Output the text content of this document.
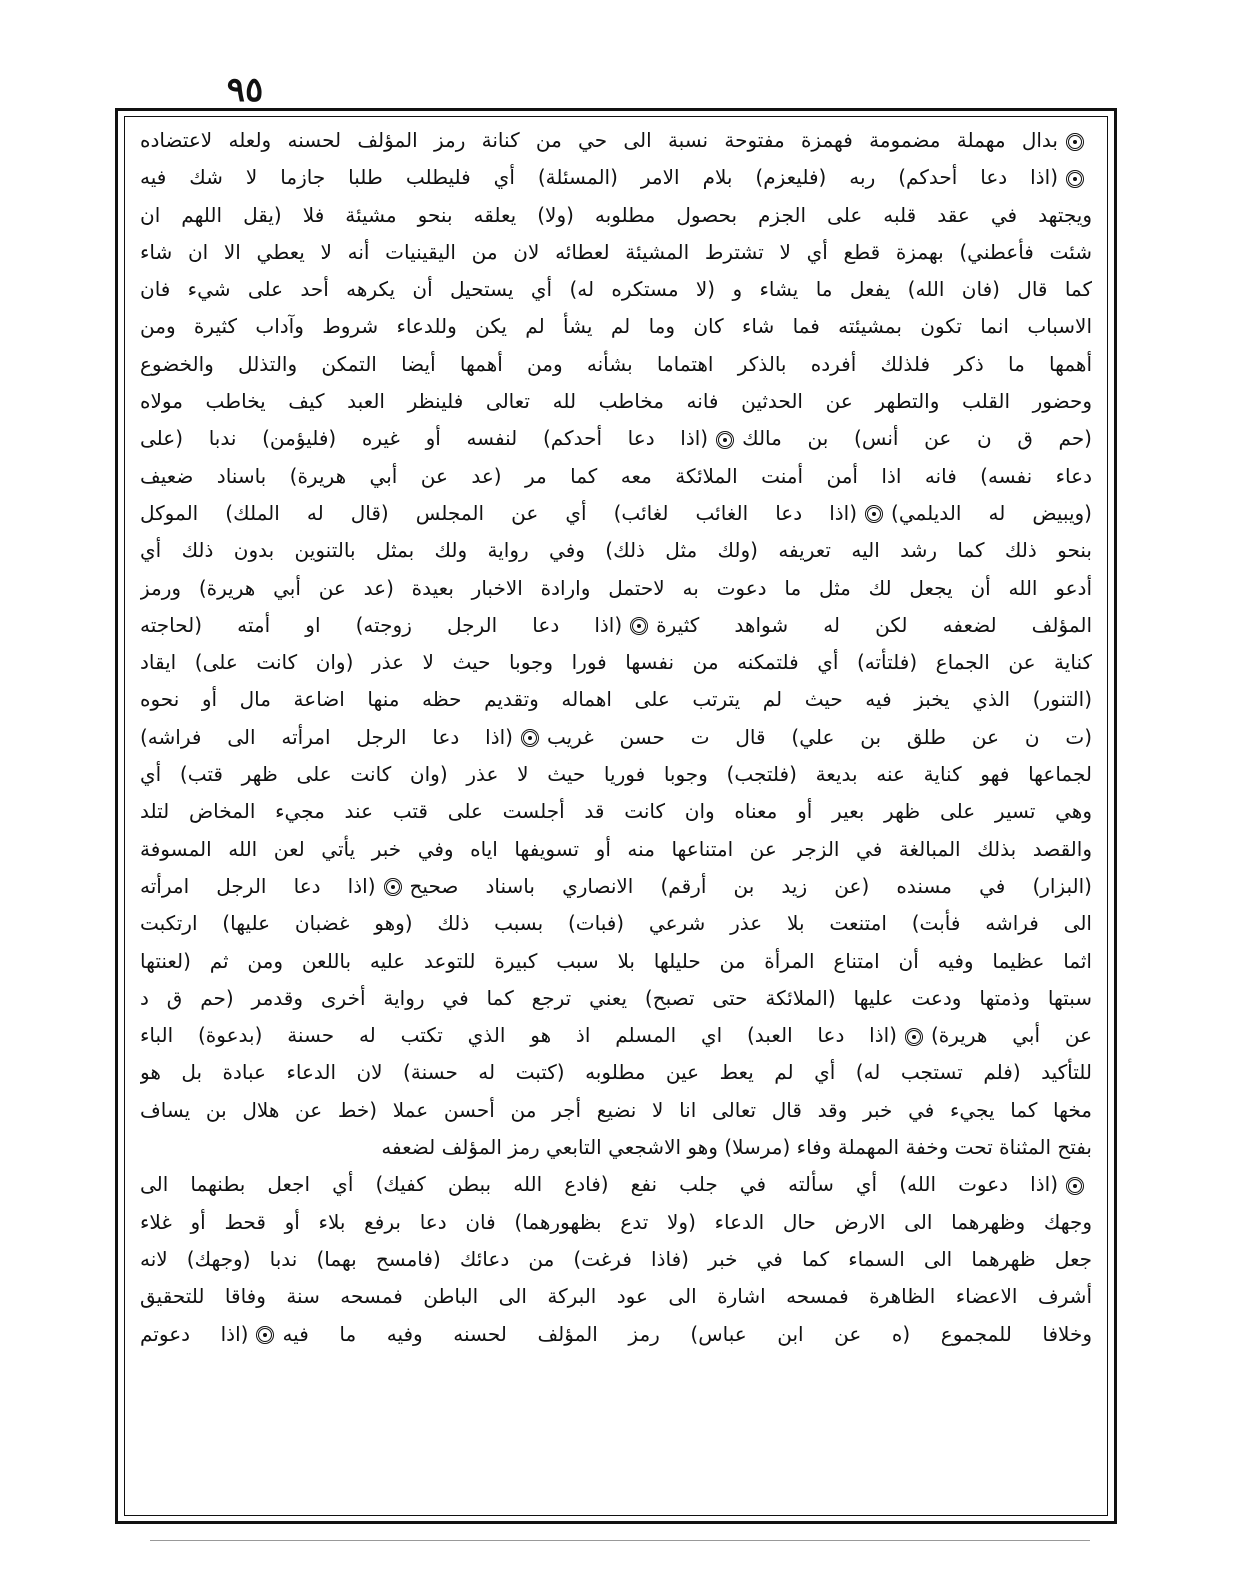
٩٥
بدال مهملة مضمومة فهمزة مفتوحة نسبة الى حي من كنانة رمز المؤلف لحسنه ولعله لاعتضاده
(اذا دعا أحدكم) ربه (فليعزم) بلام الامر (المسئلة) أي فليطلب طلبا جازما لا شك فيه
ويجتهد في عقد قلبه على الجزم بحصول مطلوبه (ولا) يعلقه بنحو مشيئة فلا (يقل اللهم ان
شئت فأعطني) بهمزة قطع أي لا تشترط المشيئة لعطائه لان من اليقينيات أنه لا يعطي الا ان شاء
كما قال (فان الله) يفعل ما يشاء و (لا مستكره له) أي يستحيل أن يكرهه أحد على شيء فان
الاسباب انما تكون بمشيئته فما شاء كان وما لم يشأ لم يكن وللدعاء شروط وآداب كثيرة ومن
أهمها ما ذكر فلذلك أفرده بالذكر اهتماما بشأنه ومن أهمها أيضا التمكن والتذلل والخضوع
وحضور القلب والتطهر عن الحدثين فانه مخاطب لله تعالى فلينظر العبد كيف يخاطب مولاه
(حم ق ن عن أنس) بن مالك(اذا دعا أحدكم) لنفسه أو غيره (فليؤمن) ندبا (على
دعاء نفسه) فانه اذا أمن أمنت الملائكة معه كما مر (عد عن أبي هريرة) باسناد ضعيف
(ويبيض له الديلمي)(اذا دعا الغائب لغائب) أي عن المجلس (قال له الملك) الموكل
بنحو ذلك كما رشد اليه تعريفه (ولك مثل ذلك) وفي رواية ولك بمثل بالتنوين بدون ذلك أي
أدعو الله أن يجعل لك مثل ما دعوت به لاحتمل وارادة الاخبار بعيدة (عد عن أبي هريرة) ورمز
المؤلف لضعفه لكن له شواهد كثيرة(اذا دعا الرجل زوجته) او أمته (لحاجته
كناية عن الجماع (فلتأته) أي فلتمكنه من نفسها فورا وجوبا حيث لا عذر (وان كانت على) ايقاد
(التنور) الذي يخبز فيه حيث لم يترتب على اهماله وتقديم حظه منها اضاعة مال أو نحوه
(ت ن عن طلق بن علي) قال ت حسن غريب(اذا دعا الرجل امرأته الى فراشه)
لجماعها فهو كناية عنه بديعة (فلتجب) وجوبا فوريا حيث لا عذر (وان كانت على ظهر قتب) أي
وهي تسير على ظهر بعير أو معناه وان كانت قد أجلست على قتب عند مجيء المخاض لتلد
والقصد بذلك المبالغة في الزجر عن امتناعها منه أو تسويفها اياه وفي خبر يأتي لعن الله المسوفة
(البزار) في مسنده (عن زيد بن أرقم) الانصاري باسناد صحيح(اذا دعا الرجل امرأته
الى فراشه فأبت) امتنعت بلا عذر شرعي (فبات) بسبب ذلك (وهو غضبان عليها) ارتكبت
اثما عظيما وفيه أن امتناع المرأة من حليلها بلا سبب كبيرة للتوعد عليه باللعن ومن ثم (لعنتها
سبتها وذمتها ودعت عليها (الملائكة حتى تصبح) يعني ترجع كما في رواية أخرى وقدمر (حم ق د
عن أبي هريرة)(اذا دعا العبد) اي المسلم اذ هو الذي تكتب له حسنة (بدعوة) الباء
للتأكيد (فلم تستجب له) أي لم يعط عين مطلوبه (كتبت له حسنة) لان الدعاء عبادة بل هو
مخها كما يجيء في خبر وقد قال تعالى انا لا نضيع أجر من أحسن عملا (خط عن هلال بن يساف
بفتح المثناة تحت وخفة المهملة وفاء (مرسلا) وهو الاشجعي التابعي رمز المؤلف لضعفه
(اذا دعوت الله) أي سألته في جلب نفع (فادع الله ببطن كفيك) أي اجعل بطنهما الى
وجهك وظهرهما الى الارض حال الدعاء (ولا تدع بظهورهما) فان دعا برفع بلاء أو قحط أو غلاء
جعل ظهرهما الى السماء كما في خبر (فاذا فرغت) من دعائك (فامسح بهما) ندبا (وجهك) لانه
أشرف الاعضاء الظاهرة فمسحه اشارة الى عود البركة الى الباطن فمسحه سنة وفاقا للتحقيق
وخلافا للمجموع (ه عن ابن عباس) رمز المؤلف لحسنه وفيه ما فيه(اذا دعوتم
